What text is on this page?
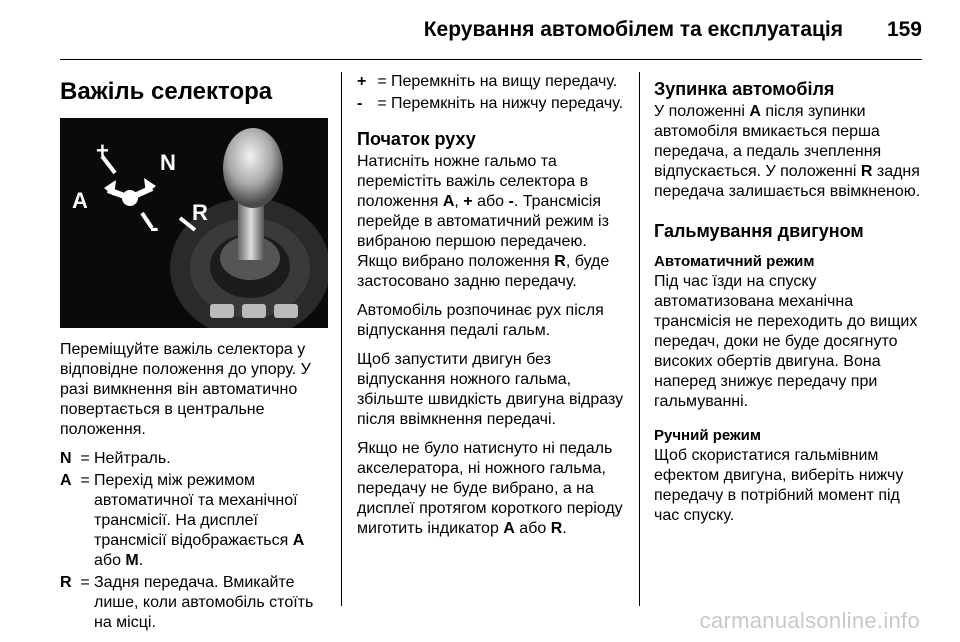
Керування автомобілем та експлуатація 159
Важіль селектора
+ N
A	R
-

Переміщуйте важіль селектора у відповідне положення до упору. У разі вимкнення він автоматично повертається в центральне положення.

N = Нейтраль.
A = Перехід між режимом автоматичної та механічної трансмісії. На дисплеї трансмісії відображається A або M.
R = Задня передача. Вмикайте лише, коли автомобіль стоїть на місці.
+ = Перемкніть на вищу передачу.
- = Перемкніть на нижчу передачу.
Початок руху

Натисніть ножне гальмо та перемістіть важіль селектора в положення A, + або -. Трансмісія перейде в автоматичний режим із вибраною першою передачею. Якщо вибрано положення R, буде застосовано задню передачу.

Автомобіль розпочинає рух після відпускання педалі гальм.

Щоб запустити двигун без відпускання ножного гальма, збільште швидкість двигуна відразу після ввімкнення передачі.

Якщо не було натиснуто ні педаль акселератора, ні ножного гальма, передачу не буде вибрано, а на дисплеї протягом короткого періоду миготить індикатор A або R.

Зупинка автомобіля

У положенні A після зупинки автомобіля вмикається перша передача, а педаль зчеплення відпускається. У положенні R задня передача залишається ввімкненою.

Гальмування двигуном
Автоматичний режим

Під час їзди на спуску автоматизована механічна трансмісія не переходить до вищих передач, доки не буде досягнуто високих обертів двигуна. Вона наперед знижує передачу при гальмуванні.

Ручний режим

Щоб скористатися гальмівним ефектом двигуна, виберіть нижчу передачу в потрібний момент під час спуску.

carmanualsonline.info
